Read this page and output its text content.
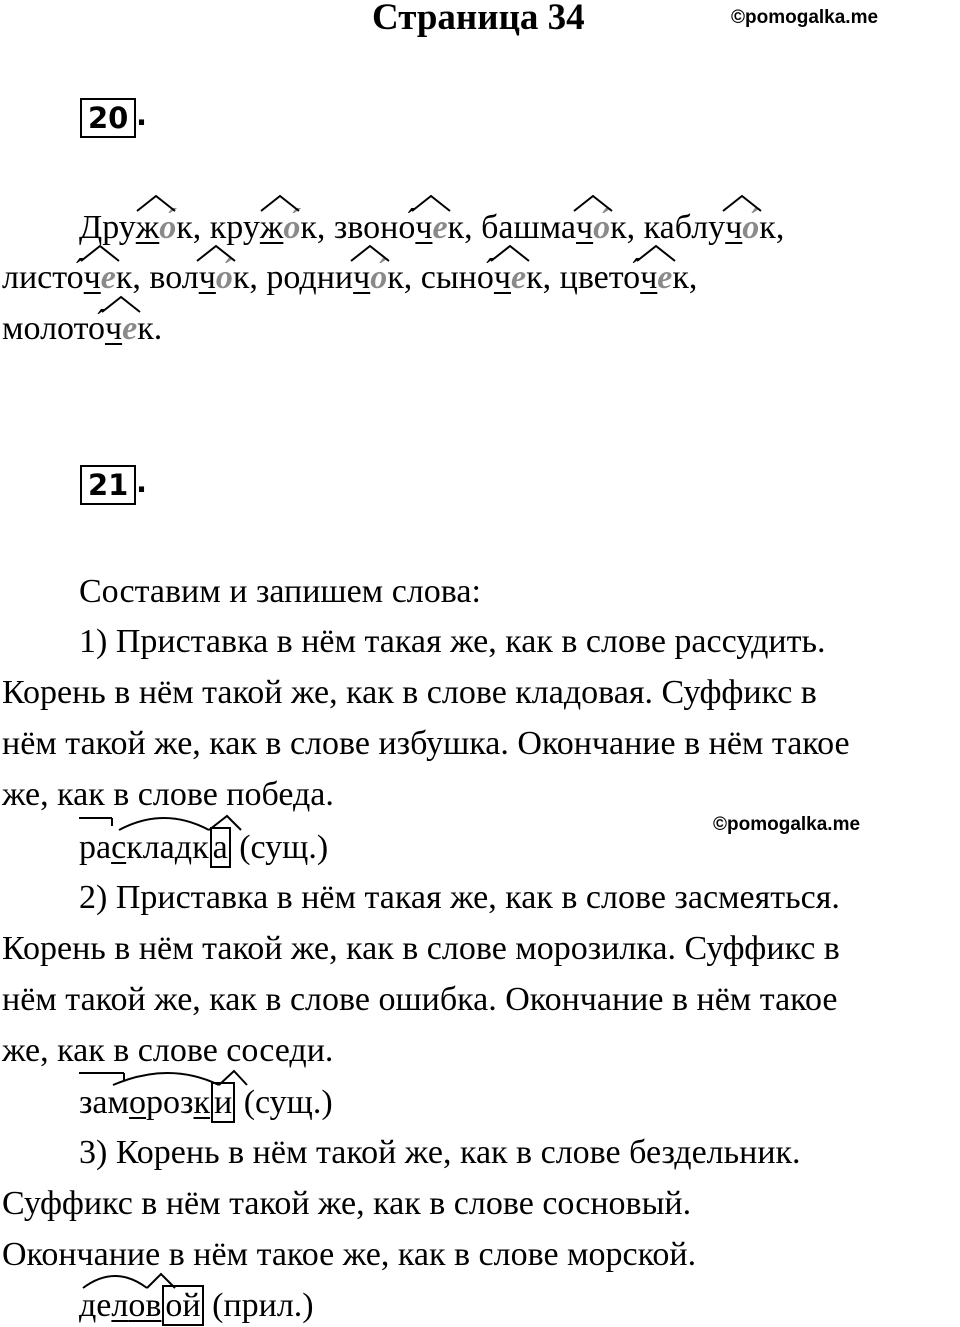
Страница 34	©pomogalka.me
20 .
Дру
жо́к, кру
жо́к, звоно́
чек, башма
чо́к, каблу
чо́к,
листо́
чек, вол
чо́к, родни
чо́к, сыно́
чек, цвето́
чек,
молото́
чек.
21 .
Составим и запишем слова:
1) Приставка в нём такая же, как в слове рассудить.
Корень в нём такой же, как в слове кладовая. Суффикс в
нём такой же, как в слове избушка. Окончание в нём такое
же, как в слове победа.
©pomogalka.me
раскладк а (сущ.)
2) Приставка в нём такая же, как в слове засмеяться.
Корень в нём такой же, как в слове морозилка. Суффикс в
нём такой же, как в слове ошибка. Окончание в нём такое
же, как в слове соседи.
заморозк и (сущ.)
3) Корень в нём такой же, как в слове бездельник.
Суффикс в нём такой же, как в слове сосновый.
Окончание в нём такое же, как в слове морской.
делов ой (прил.)
